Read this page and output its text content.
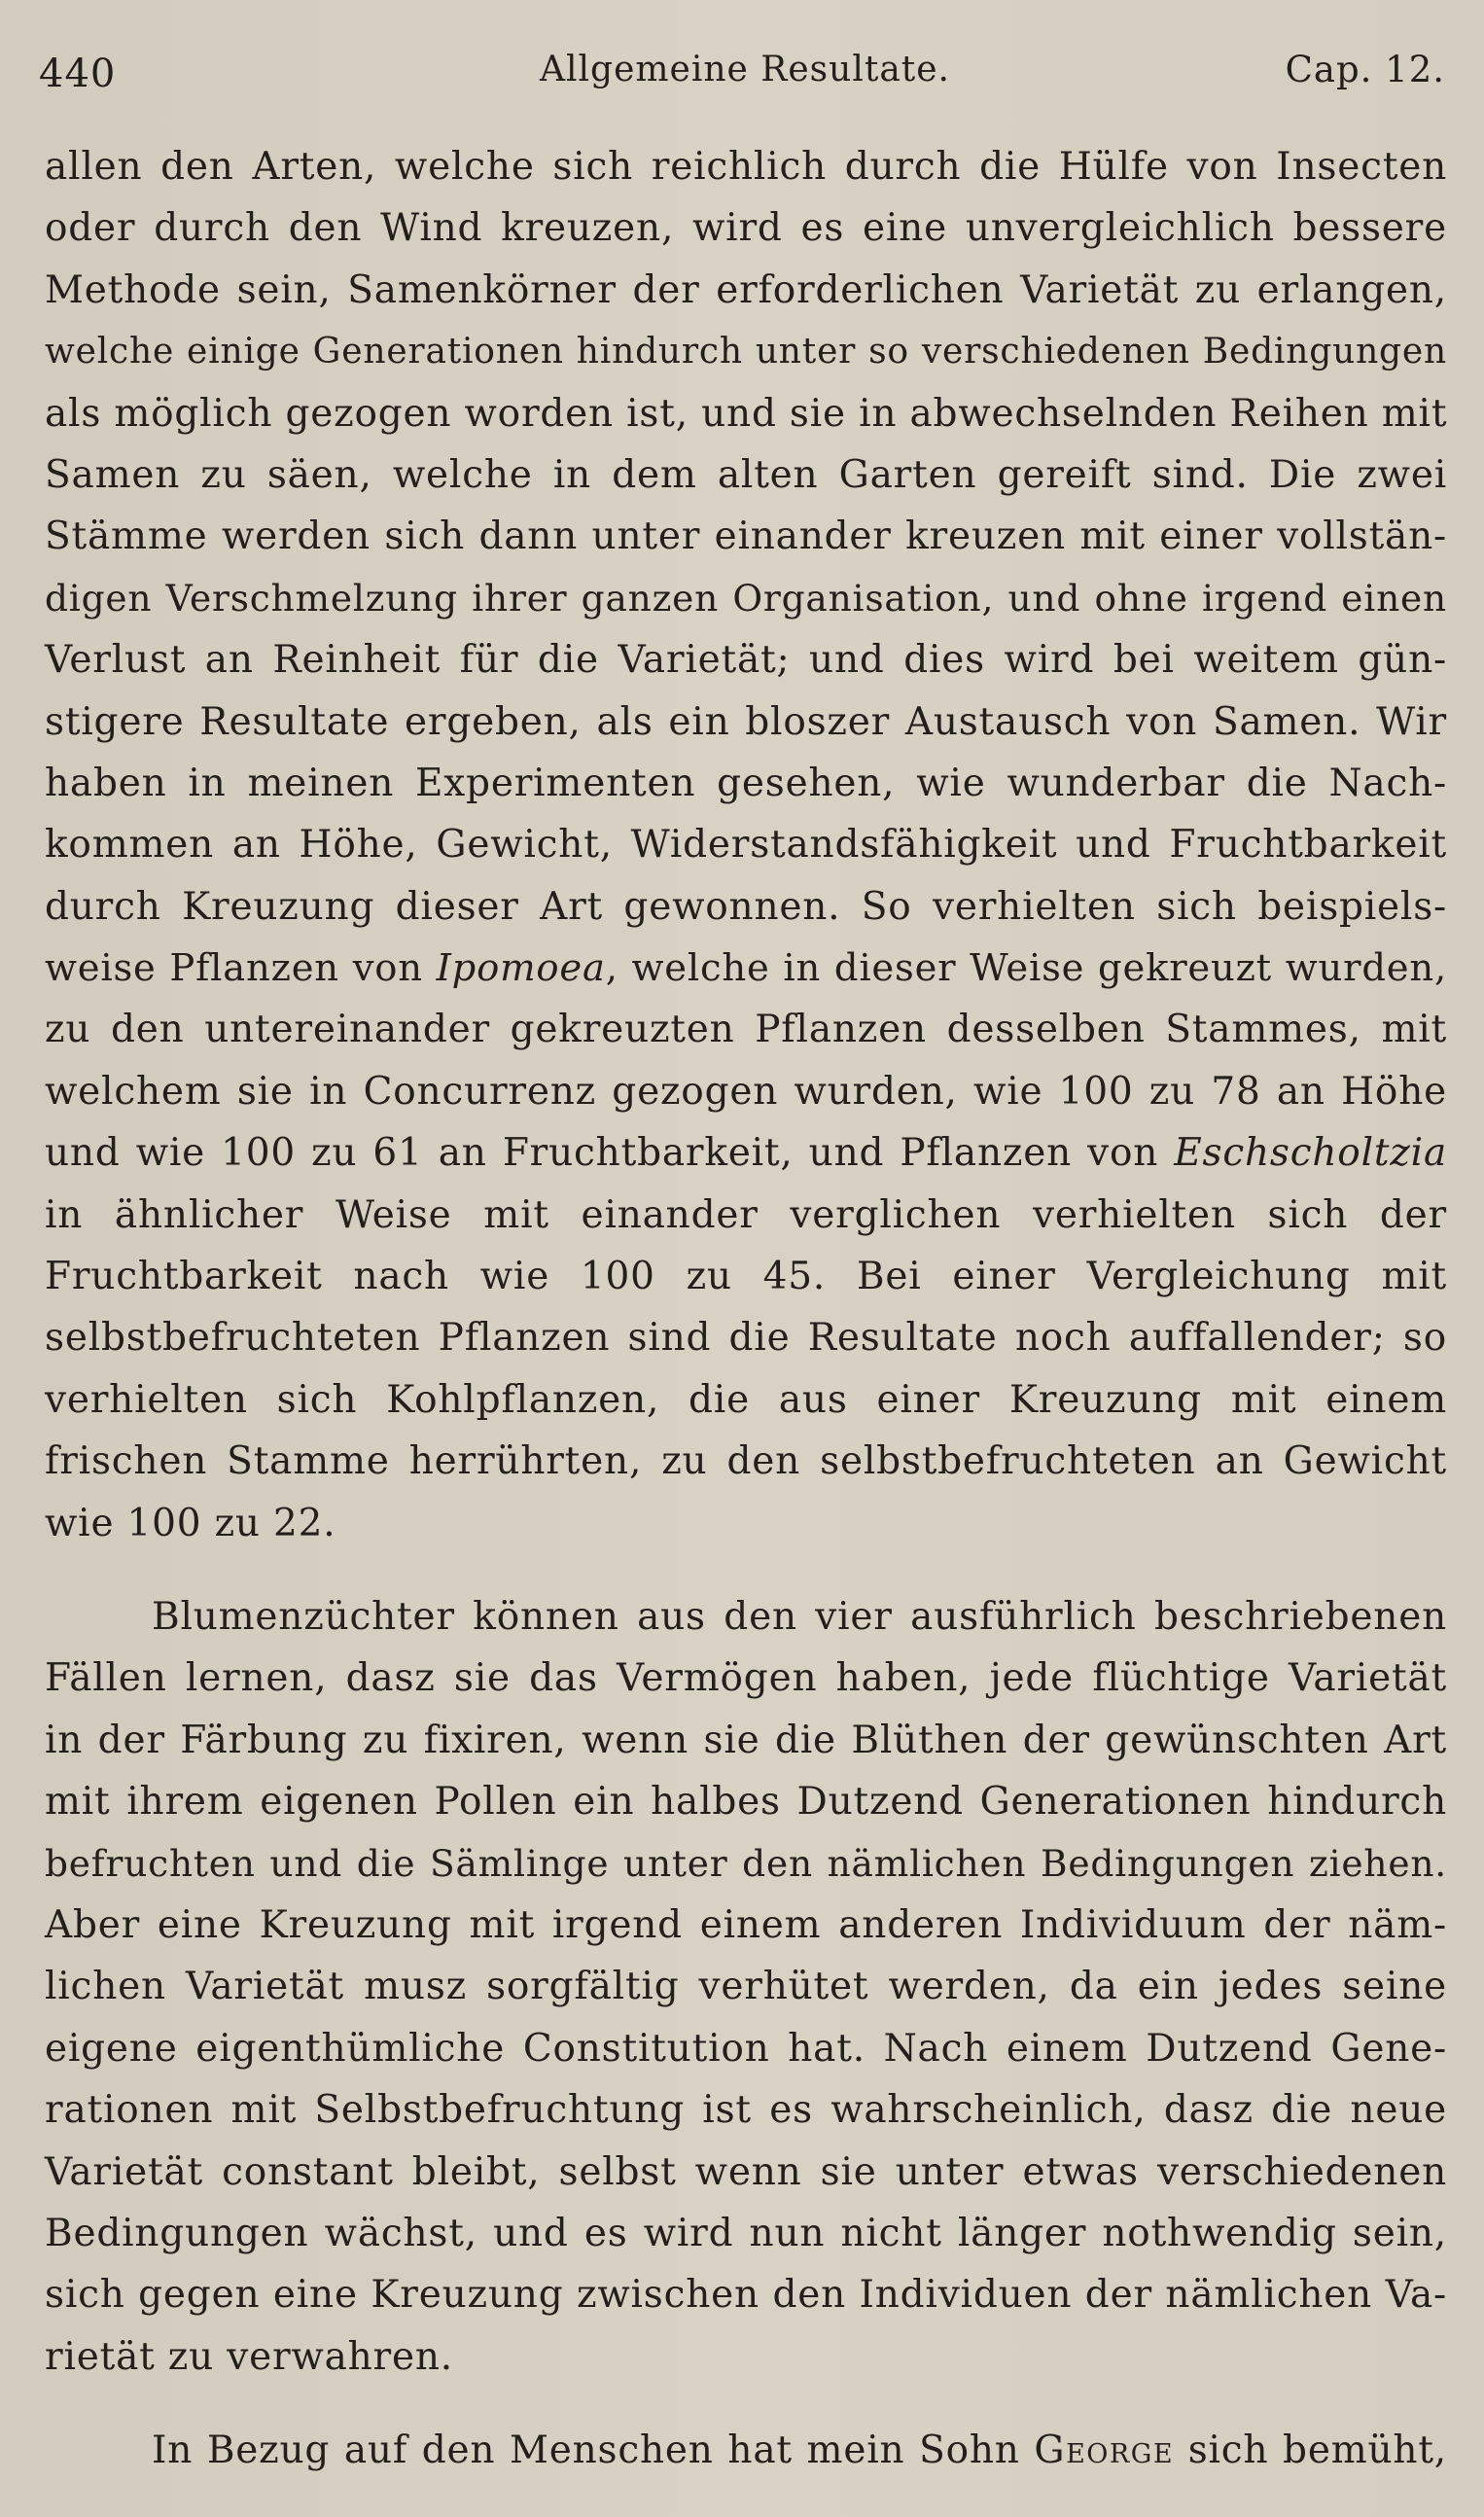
440	Allgemeine Resultate.	Cap. 12.
allen den Arten, welche sich reichlich durch die Hülfe von Insecten
oder durch den Wind kreuzen, wird es eine unvergleichlich bessere
Methode sein, Samenkörner der erforderlichen Varietät zu erlangen,
welche einige Generationen hindurch unter so verschiedenen Bedingungen
als möglich gezogen worden ist, und sie in abwechselnden Reihen mit
Samen zu säen, welche in dem alten Garten gereift sind. Die zwei
Stämme werden sich dann unter einander kreuzen mit einer vollstän-
digen Verschmelzung ihrer ganzen Organisation, und ohne irgend einen
Verlust an Reinheit für die Varietät; und dies wird bei weitem gün-
stigere Resultate ergeben, als ein bloszer Austausch von Samen. Wir
haben in meinen Experimenten gesehen, wie wunderbar die Nach-
kommen an Höhe, Gewicht, Widerstandsfähigkeit und Fruchtbarkeit
durch Kreuzung dieser Art gewonnen. So verhielten sich beispiels-
weise Pflanzen von Ipomoea, welche in dieser Weise gekreuzt wurden,
zu den untereinander gekreuzten Pflanzen desselben Stammes, mit
welchem sie in Concurrenz gezogen wurden, wie 100 zu 78 an Höhe
und wie 100 zu 61 an Fruchtbarkeit, und Pflanzen von Eschscholtzia
in ähnlicher Weise mit einander verglichen verhielten sich der
Fruchtbarkeit nach wie 100 zu 45. Bei einer Vergleichung mit
selbstbefruchteten Pflanzen sind die Resultate noch auffallender; so
verhielten sich Kohlpflanzen, die aus einer Kreuzung mit einem
frischen Stamme herrührten, zu den selbstbefruchteten an Gewicht
wie 100 zu 22.
Blumenzüchter können aus den vier ausführlich beschriebenen
Fällen lernen, dasz sie das Vermögen haben, jede flüchtige Varietät
in der Färbung zu fixiren, wenn sie die Blüthen der gewünschten Art
mit ihrem eigenen Pollen ein halbes Dutzend Generationen hindurch
befruchten und die Sämlinge unter den nämlichen Bedingungen ziehen.
Aber eine Kreuzung mit irgend einem anderen Individuum der näm-
lichen Varietät musz sorgfältig verhütet werden, da ein jedes seine
eigene eigenthümliche Constitution hat. Nach einem Dutzend Gene-
rationen mit Selbstbefruchtung ist es wahrscheinlich, dasz die neue
Varietät constant bleibt, selbst wenn sie unter etwas verschiedenen
Bedingungen wächst, und es wird nun nicht länger nothwendig sein,
sich gegen eine Kreuzung zwischen den Individuen der nämlichen Va-
rietät zu verwahren.
In Bezug auf den Menschen hat mein Sohn George sich bemüht,
